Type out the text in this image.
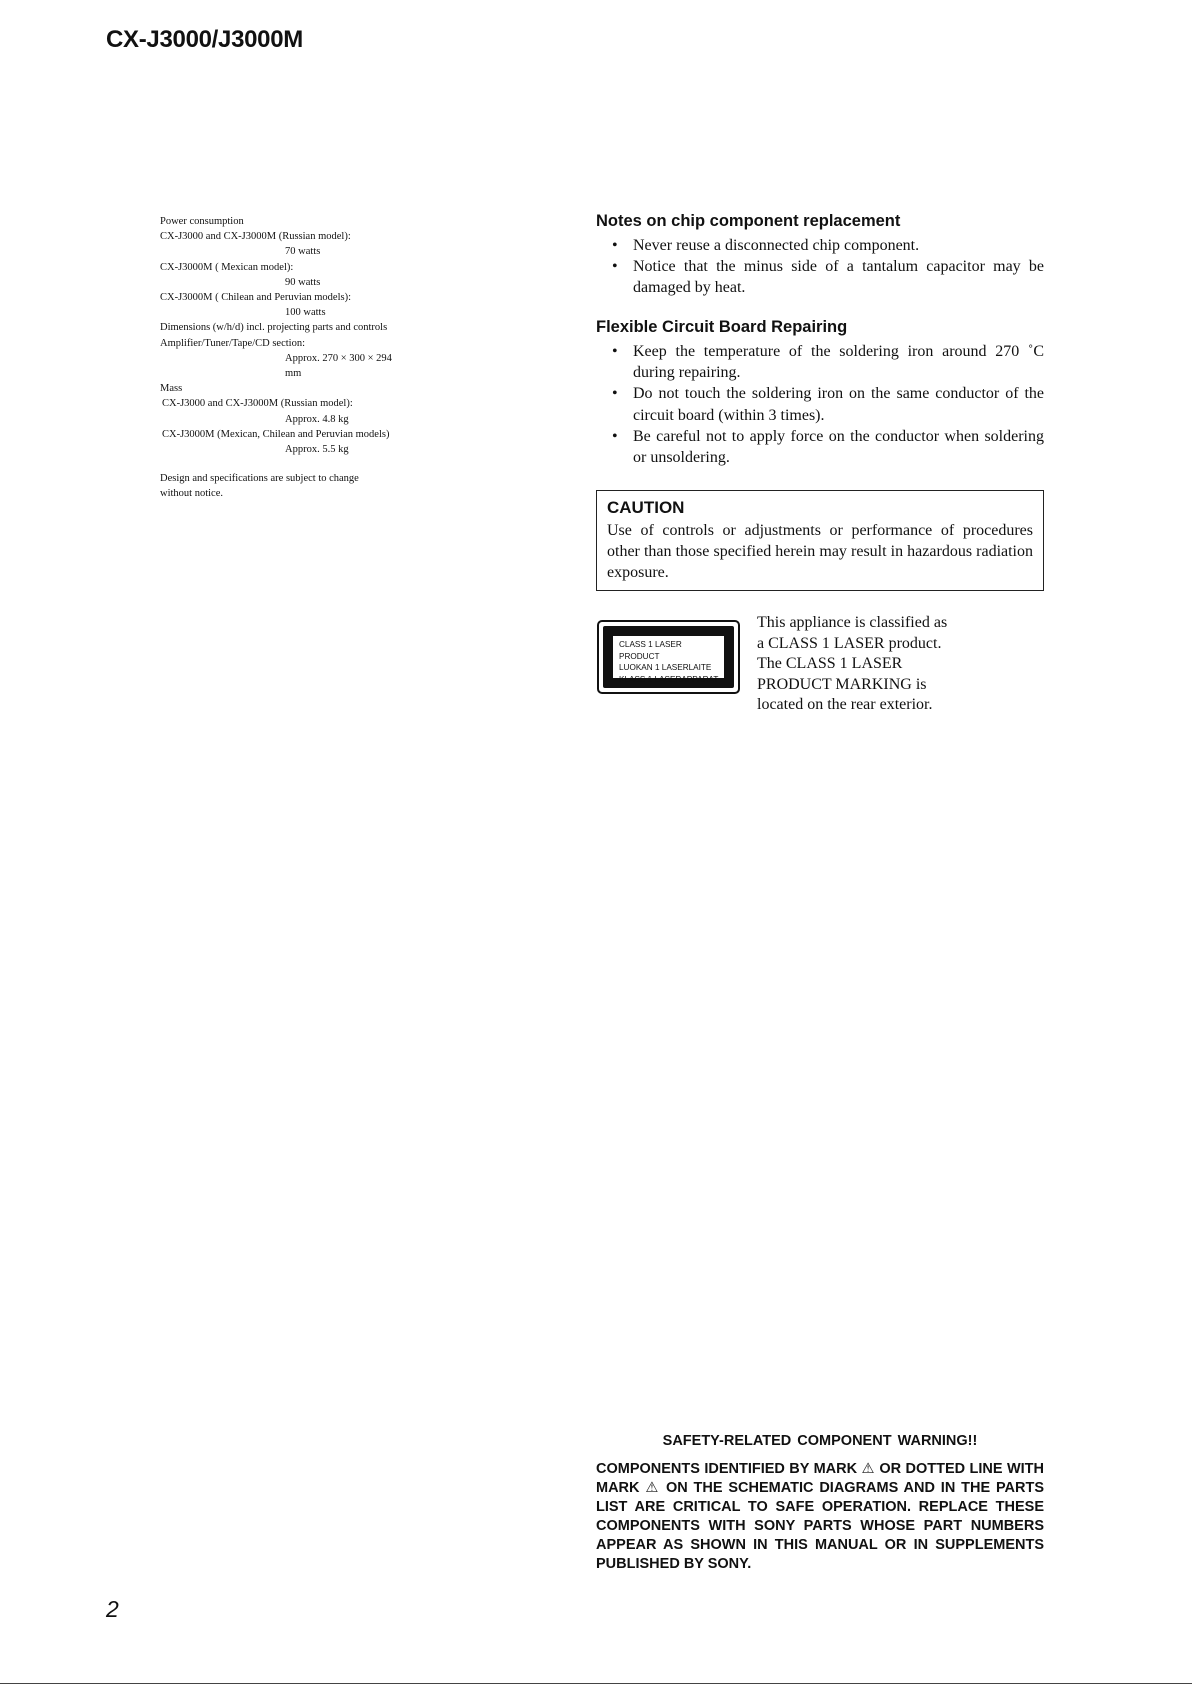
CX-J3000/J3000M
Power consumption
CX-J3000 and CX-J3000M (Russian model):
70 watts
CX-J3000M ( Mexican model):
90 watts
CX-J3000M ( Chilean and Peruvian models):
100 watts
Dimensions (w/h/d) incl. projecting parts and controls
Amplifier/Tuner/Tape/CD section:
Approx. 270 × 300 × 294
mm
Mass
CX-J3000 and CX-J3000M (Russian model):
Approx. 4.8 kg
CX-J3000M (Mexican, Chilean and Peruvian models)
Approx. 5.5 kg
Design and specifications are subject to change
without notice.
Notes on chip component replacement
• Never reuse a disconnected chip component.
• Notice that the minus side of a tantalum capacitor may be damaged by heat.
Flexible Circuit Board Repairing
• Keep the temperature of the soldering iron around 270 ˚C during repairing.
• Do not touch the soldering iron on the same conductor of the circuit board (within 3 times).
• Be careful not to apply force on the conductor when soldering or unsoldering.
CAUTION

Use of controls or adjustments or performance of procedures other than those specified herein may result in hazardous radiation exposure.

CLASS 1 LASER PRODUCT
LUOKAN 1 LASERLAITE
KLASS 1 LASERAPPARAT
This appliance is classified as
a CLASS 1 LASER product.
The CLASS 1 LASER
PRODUCT MARKING is
located on the rear exterior.
SAFETY-RELATED COMPONENT WARNING!!
COMPONENTS IDENTIFIED BY MARK ⚠ OR DOTTED LINE WITH MARK ⚠ ON THE SCHEMATIC DIAGRAMS AND IN THE PARTS LIST ARE CRITICAL TO SAFE OPERATION. REPLACE THESE COMPONENTS WITH SONY PARTS WHOSE PART NUMBERS APPEAR AS SHOWN IN THIS MANUAL OR IN SUPPLEMENTS PUBLISHED BY SONY.
2
